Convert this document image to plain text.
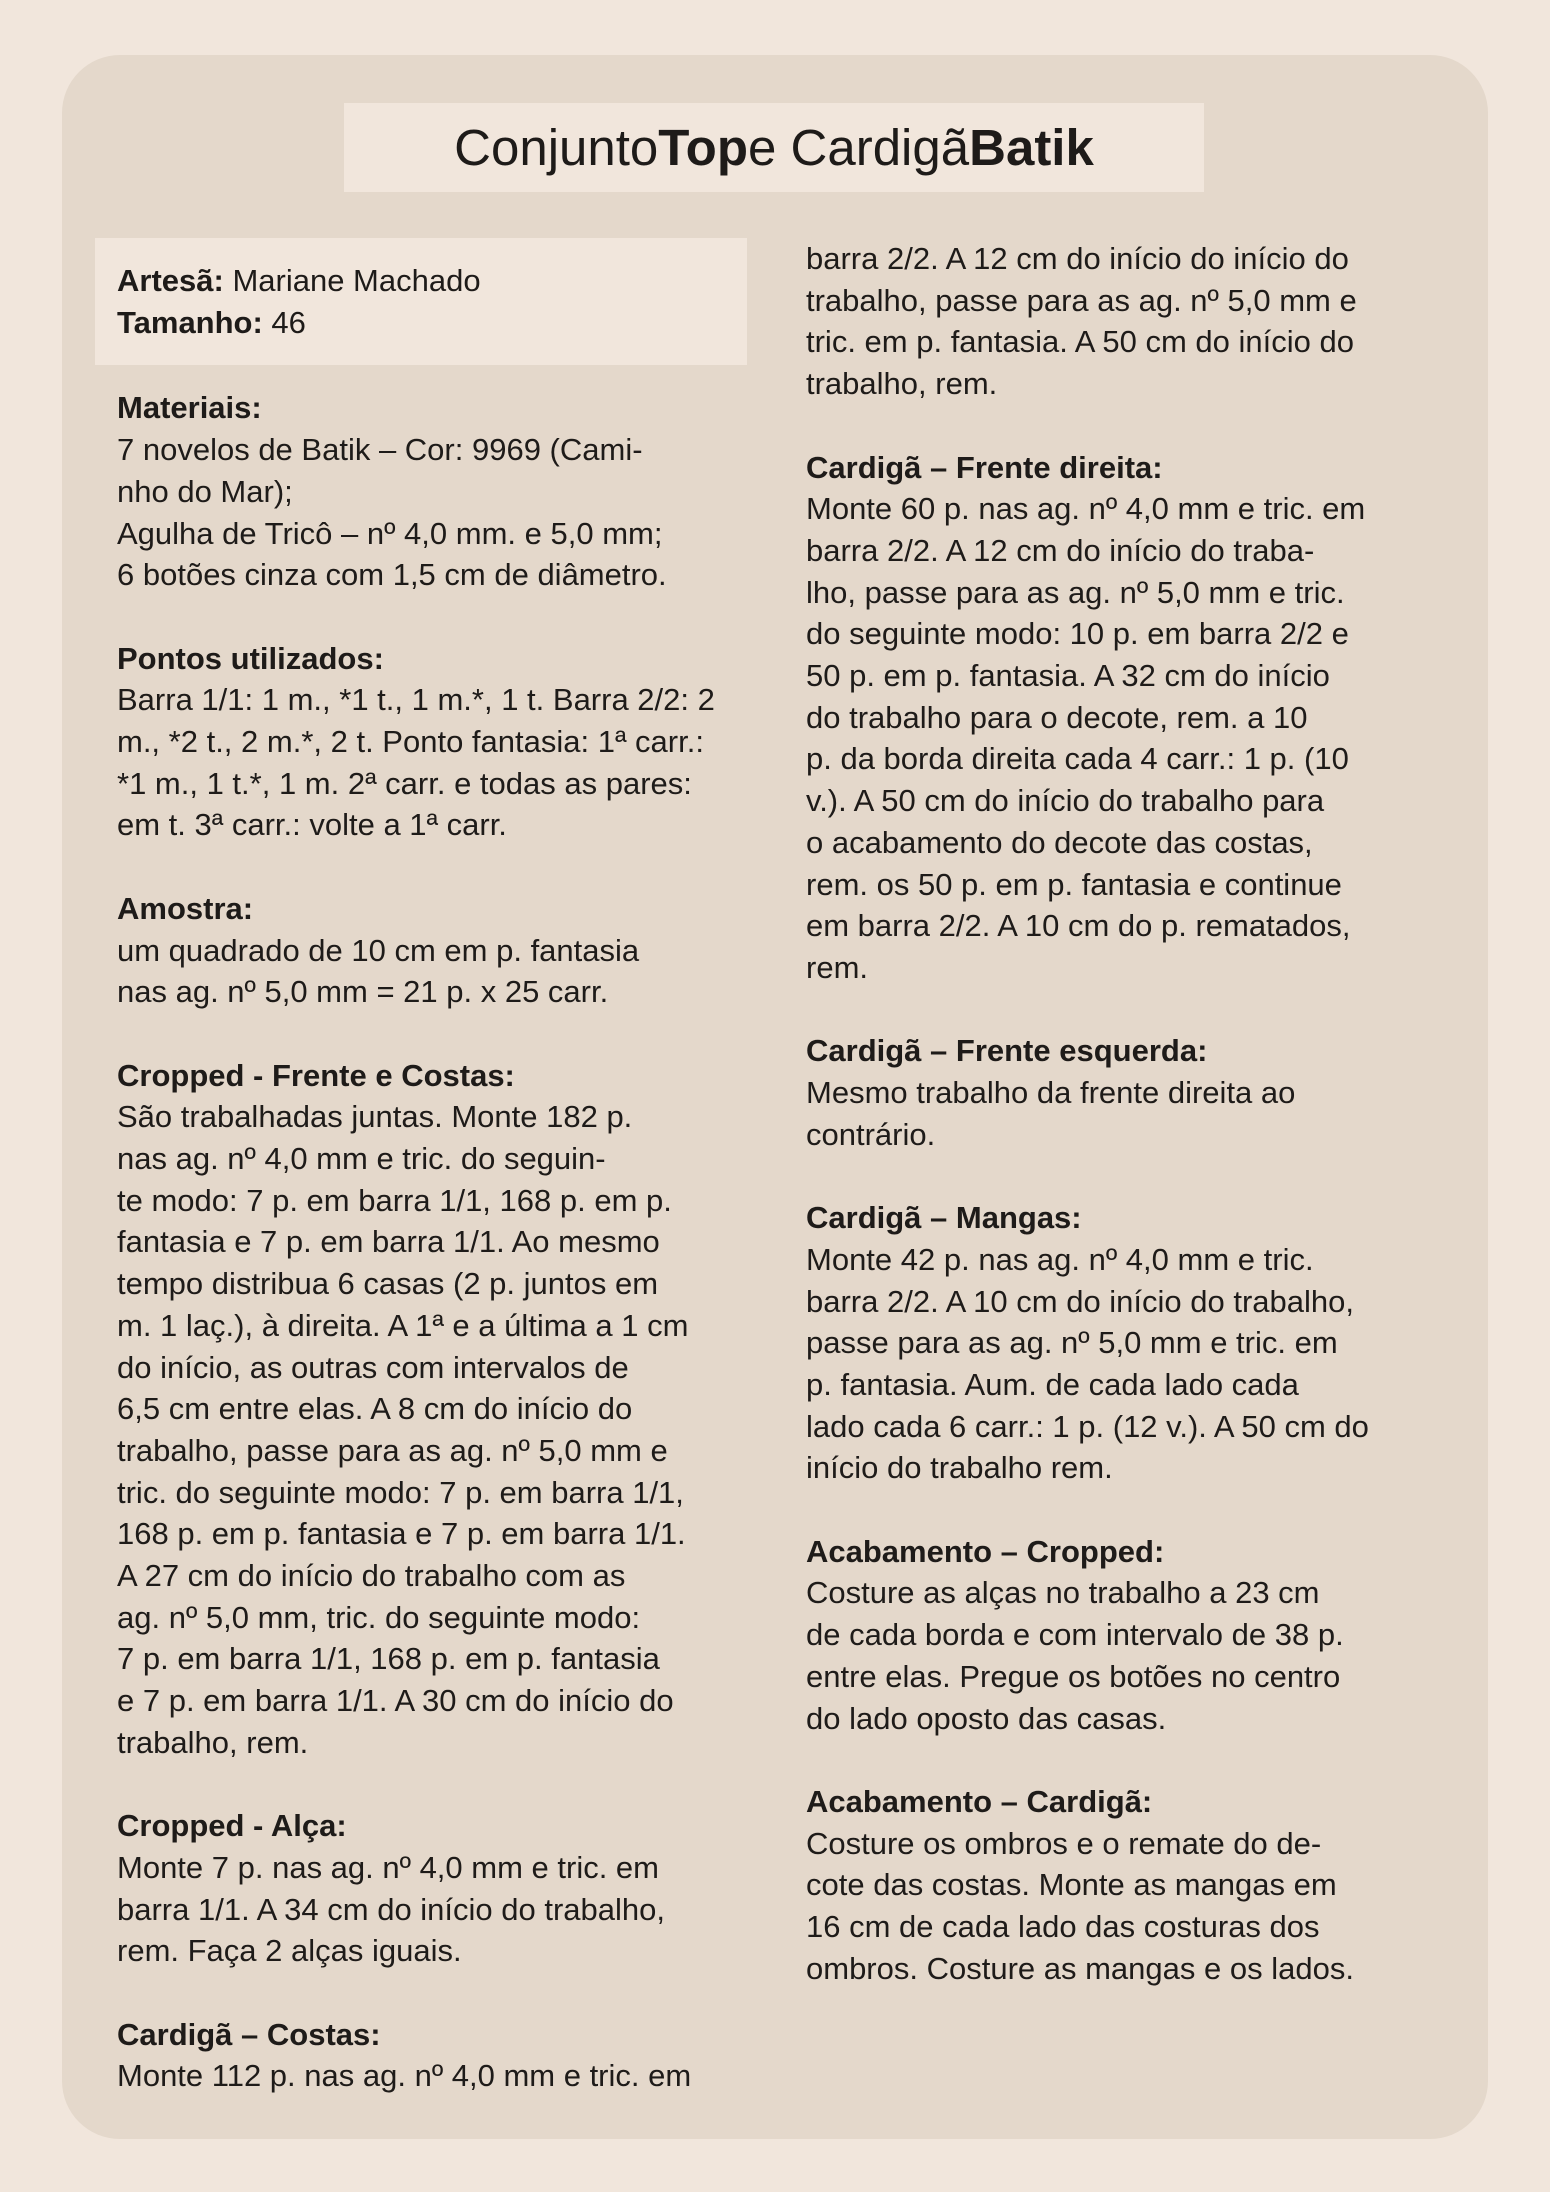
Conjunto Top e Cardigã Batik
Artesã: Mariane Machado
Tamanho: 46
Materiais:
7 novelos de Batik – Cor: 9969 (Cami-
nho do Mar);
Agulha de Tricô – nº 4,0 mm. e 5,0 mm;
6 botões cinza com 1,5 cm de diâmetro.
Pontos utilizados:
Barra 1/1: 1 m., *1 t., 1 m.*, 1 t. Barra 2/2: 2
m., *2 t., 2 m.*, 2 t. Ponto fantasia: 1ª carr.:
*1 m., 1 t.*, 1 m. 2ª carr. e todas as pares:
em t. 3ª carr.: volte a 1ª carr.
Amostra:
um quadrado de 10 cm em p. fantasia
nas ag. nº 5,0 mm = 21 p. x 25 carr.
Cropped - Frente e Costas:
São trabalhadas juntas. Monte 182 p.
nas ag. nº 4,0 mm e tric. do seguin-
te modo: 7 p. em barra 1/1, 168 p. em p.
fantasia e 7 p. em barra 1/1. Ao mesmo
tempo distribua 6 casas (2 p. juntos em
m. 1 laç.), à direita. A 1ª e a última a 1 cm
do início, as outras com intervalos de
6,5 cm entre elas. A 8 cm do início do
trabalho, passe para as ag. nº 5,0 mm e
tric. do seguinte modo: 7 p. em barra 1/1,
168 p. em p. fantasia e 7 p. em barra 1/1.
A 27 cm do início do trabalho com as
ag. nº 5,0 mm, tric. do seguinte modo:
7 p. em barra 1/1, 168 p. em p. fantasia
e 7 p. em barra 1/1. A 30 cm do início do
trabalho, rem.
Cropped - Alça:
Monte 7 p. nas ag. nº 4,0 mm e tric. em
barra 1/1. A 34 cm do início do trabalho,
rem. Faça 2 alças iguais.
Cardigã – Costas:
Monte 112 p. nas ag. nº 4,0 mm e tric. em
barra 2/2. A 12 cm do início do início do
trabalho, passe para as ag. nº 5,0 mm e
tric. em p. fantasia. A 50 cm do início do
trabalho, rem.
Cardigã – Frente direita:
Monte 60 p. nas ag. nº 4,0 mm e tric. em
barra 2/2. A 12 cm do início do traba-
lho, passe para as ag. nº 5,0 mm e tric.
do seguinte modo: 10 p. em barra 2/2 e
50 p. em p. fantasia. A 32 cm do início
do trabalho para o decote, rem. a 10
p. da borda direita cada 4 carr.: 1 p. (10
v.). A 50 cm do início do trabalho para
o acabamento do decote das costas,
rem. os 50 p. em p. fantasia e continue
em barra 2/2. A 10 cm do p. rematados,
rem.
Cardigã – Frente esquerda:
Mesmo trabalho da frente direita ao
contrário.
Cardigã – Mangas:
Monte 42 p. nas ag. nº 4,0 mm e tric.
barra 2/2. A 10 cm do início do trabalho,
passe para as ag. nº 5,0 mm e tric. em
p. fantasia. Aum. de cada lado cada
lado cada 6 carr.: 1 p. (12 v.). A 50 cm do
início do trabalho rem.
Acabamento – Cropped:
Costure as alças no trabalho a 23 cm
de cada borda e com intervalo de 38 p.
entre elas. Pregue os botões no centro
do lado oposto das casas.
Acabamento – Cardigã:
Costure os ombros e o remate do de-
cote das costas. Monte as mangas em
16 cm de cada lado das costuras dos
ombros. Costure as mangas e os lados.
